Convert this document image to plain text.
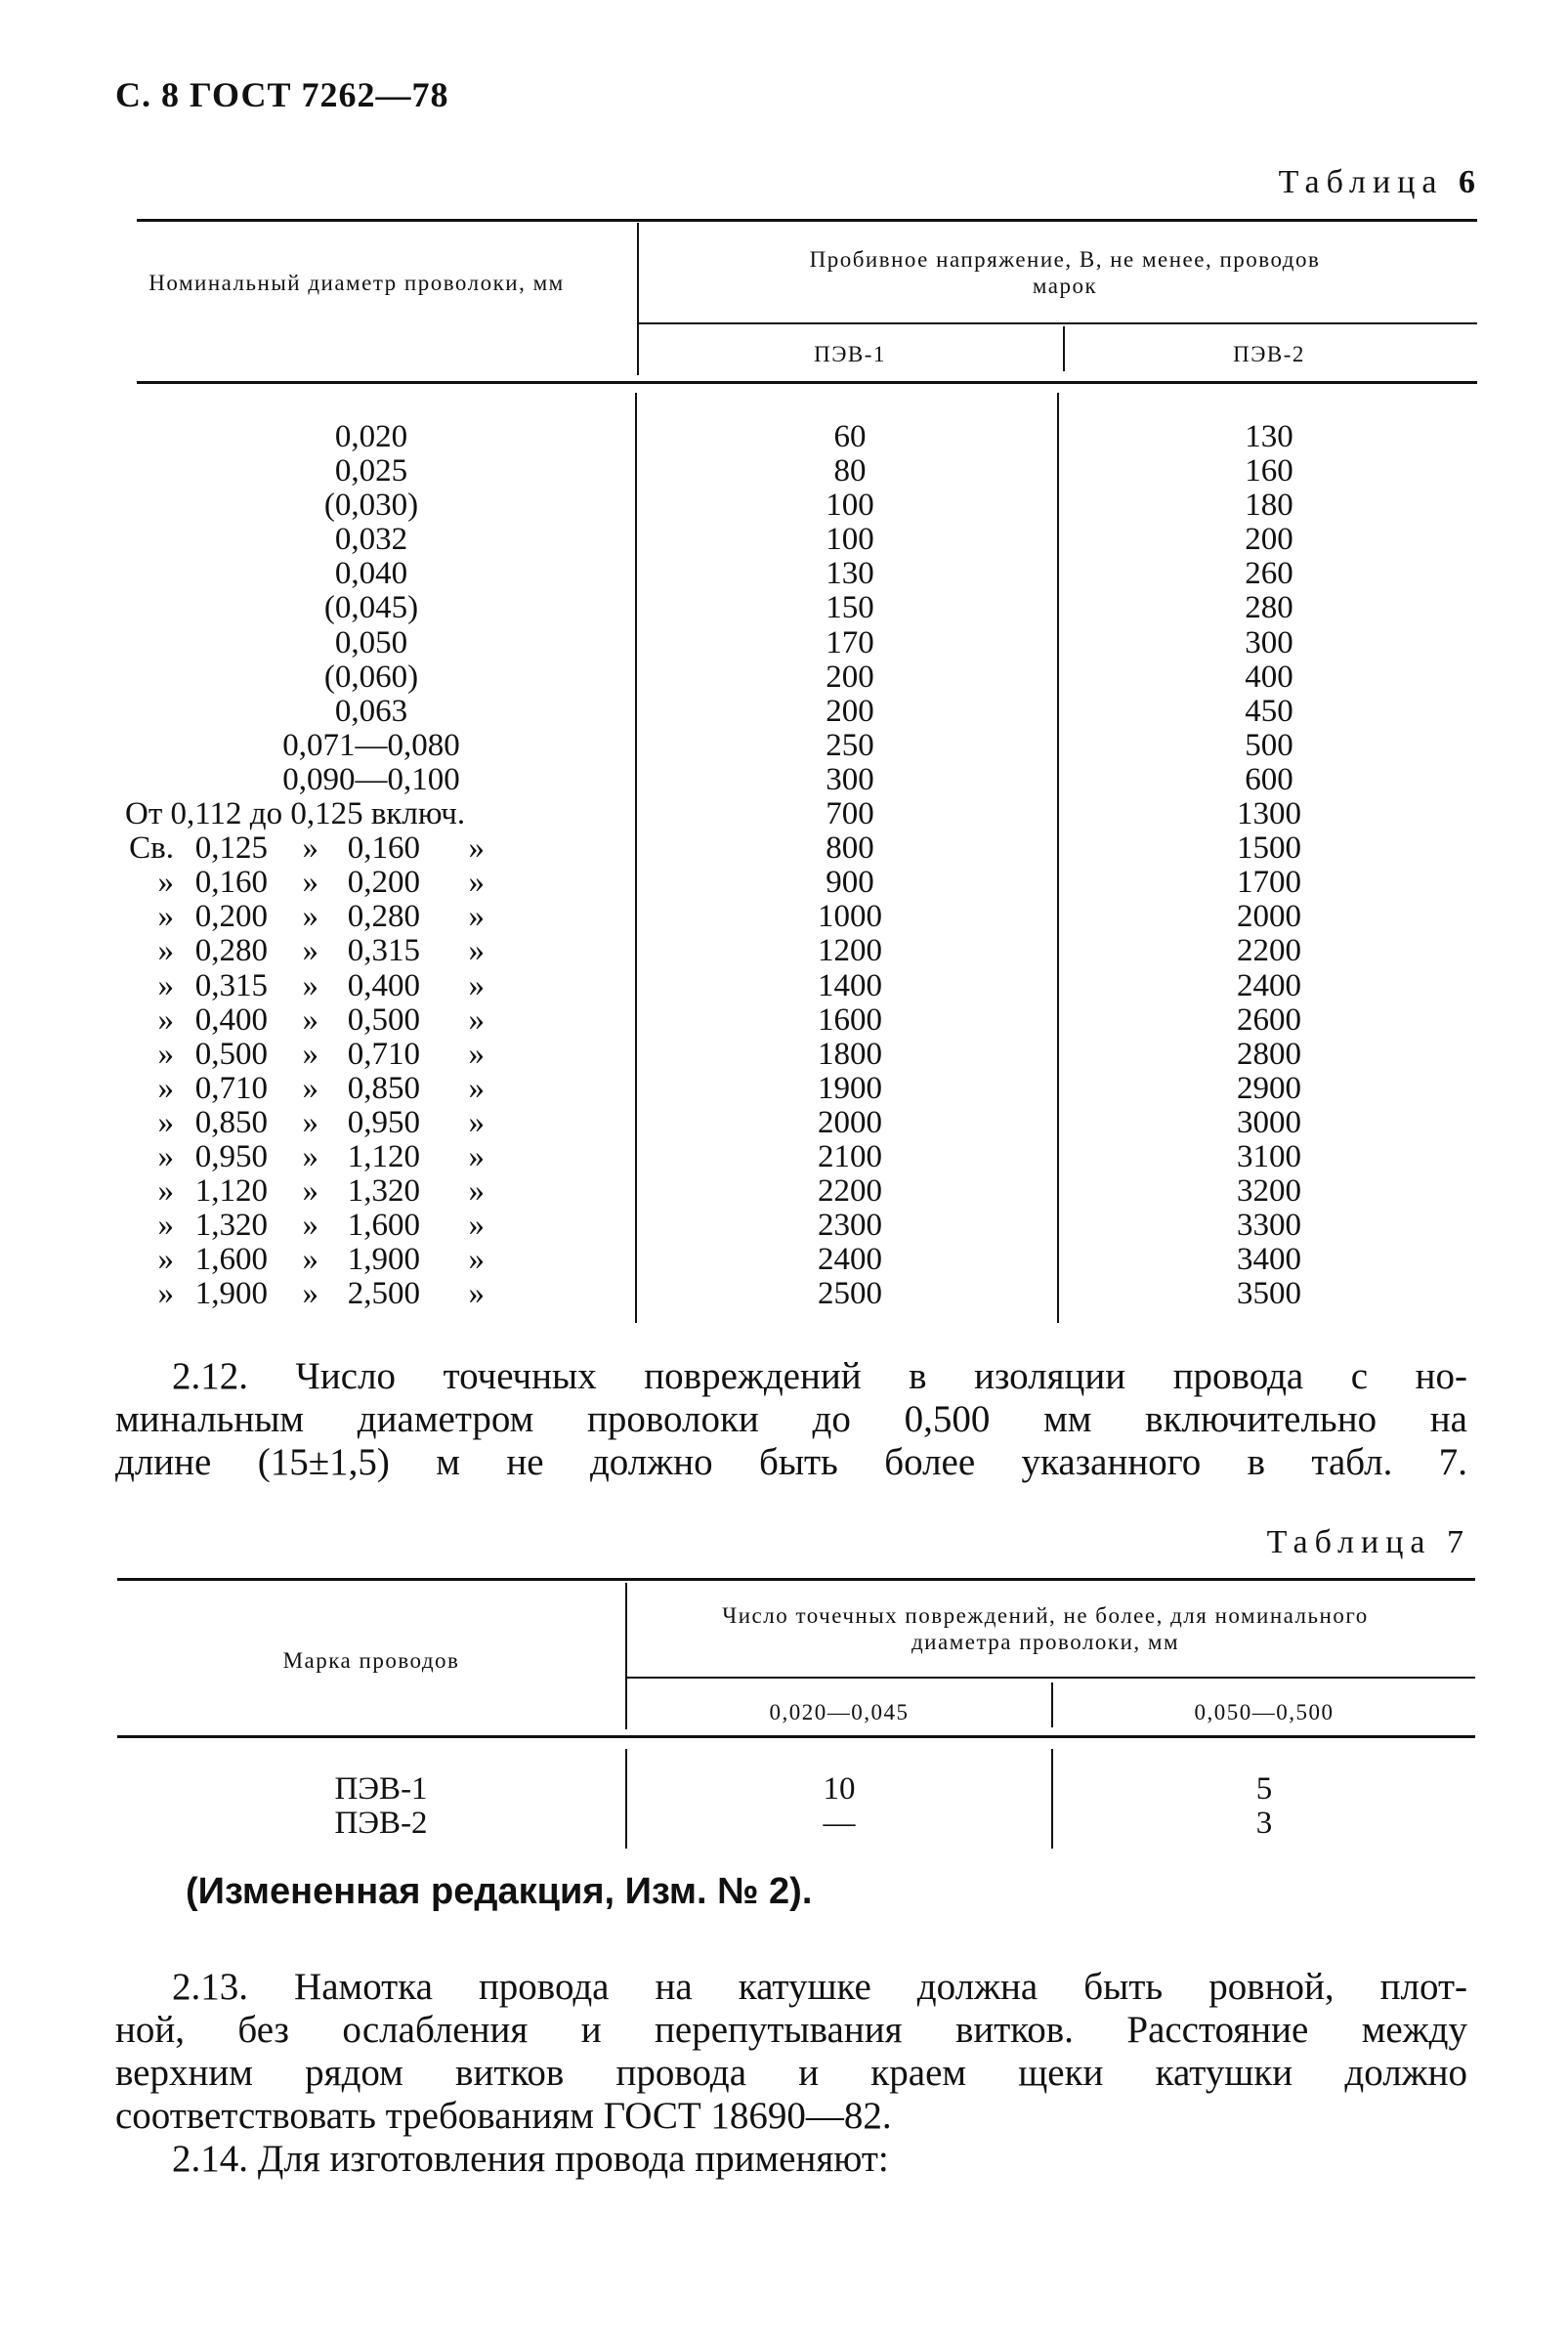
С. 8 ГОСТ 7262—78
Таблица 6
Номинальный диаметр проволоки, мм
Пробивное напряжение, В, не менее, проводов марок
ПЭВ-1	ПЭВ-2
0,020
0,025
(0,030)
0,032
0,040
(0,045)
0,050
(0,060)
0,063
0,071—0,080
0,090—0,100
От 0,112 до 0,125 включ.
Св. 0,125 » 0,160 »
» 0,160 » 0,200 »
» 0,200 » 0,280 »
» 0,280 » 0,315 »
» 0,315 » 0,400 »
» 0,400 » 0,500 »
» 0,500 » 0,710 »
» 0,710 » 0,850 »
» 0,850 » 0,950 »
» 0,950 » 1,120 »
» 1,120 » 1,320 »
» 1,320 » 1,600 »
» 1,600 » 1,900 »
» 1,900 » 2,500 »
60
80
100
100
130
150
170
200
200
250
300
700
800
900
1000
1200
1400
1600
1800
1900
2000
2100
2200
2300
2400
2500
130
160
180
200
260
280
300
400
450
500
600
1300
1500
1700
2000
2200
2400
2600
2800
2900
3000
3100
3200
3300
3400
3500
2.12. Число точечных повреждений в изоляции провода с но-
минальным диаметром проволоки до 0,500 мм включительно на
длине (15±1,5) м не должно быть более указанного в табл. 7.
Таблица 7
Марка проводов
Число точечных повреждений, не более, для номинального диаметра проволоки, мм
0,020—0,045	0,050—0,500
ПЭВ-1
ПЭВ-2
10
—
5
3
(Измененная редакция, Изм. № 2).
2.13. Намотка провода на катушке должна быть ровной, плот-
ной, без ослабления и перепутывания витков. Расстояние между
верхним рядом витков провода и краем щеки катушки должно
соответствовать требованиям ГОСТ 18690—82.
2.14. Для изготовления провода применяют:
